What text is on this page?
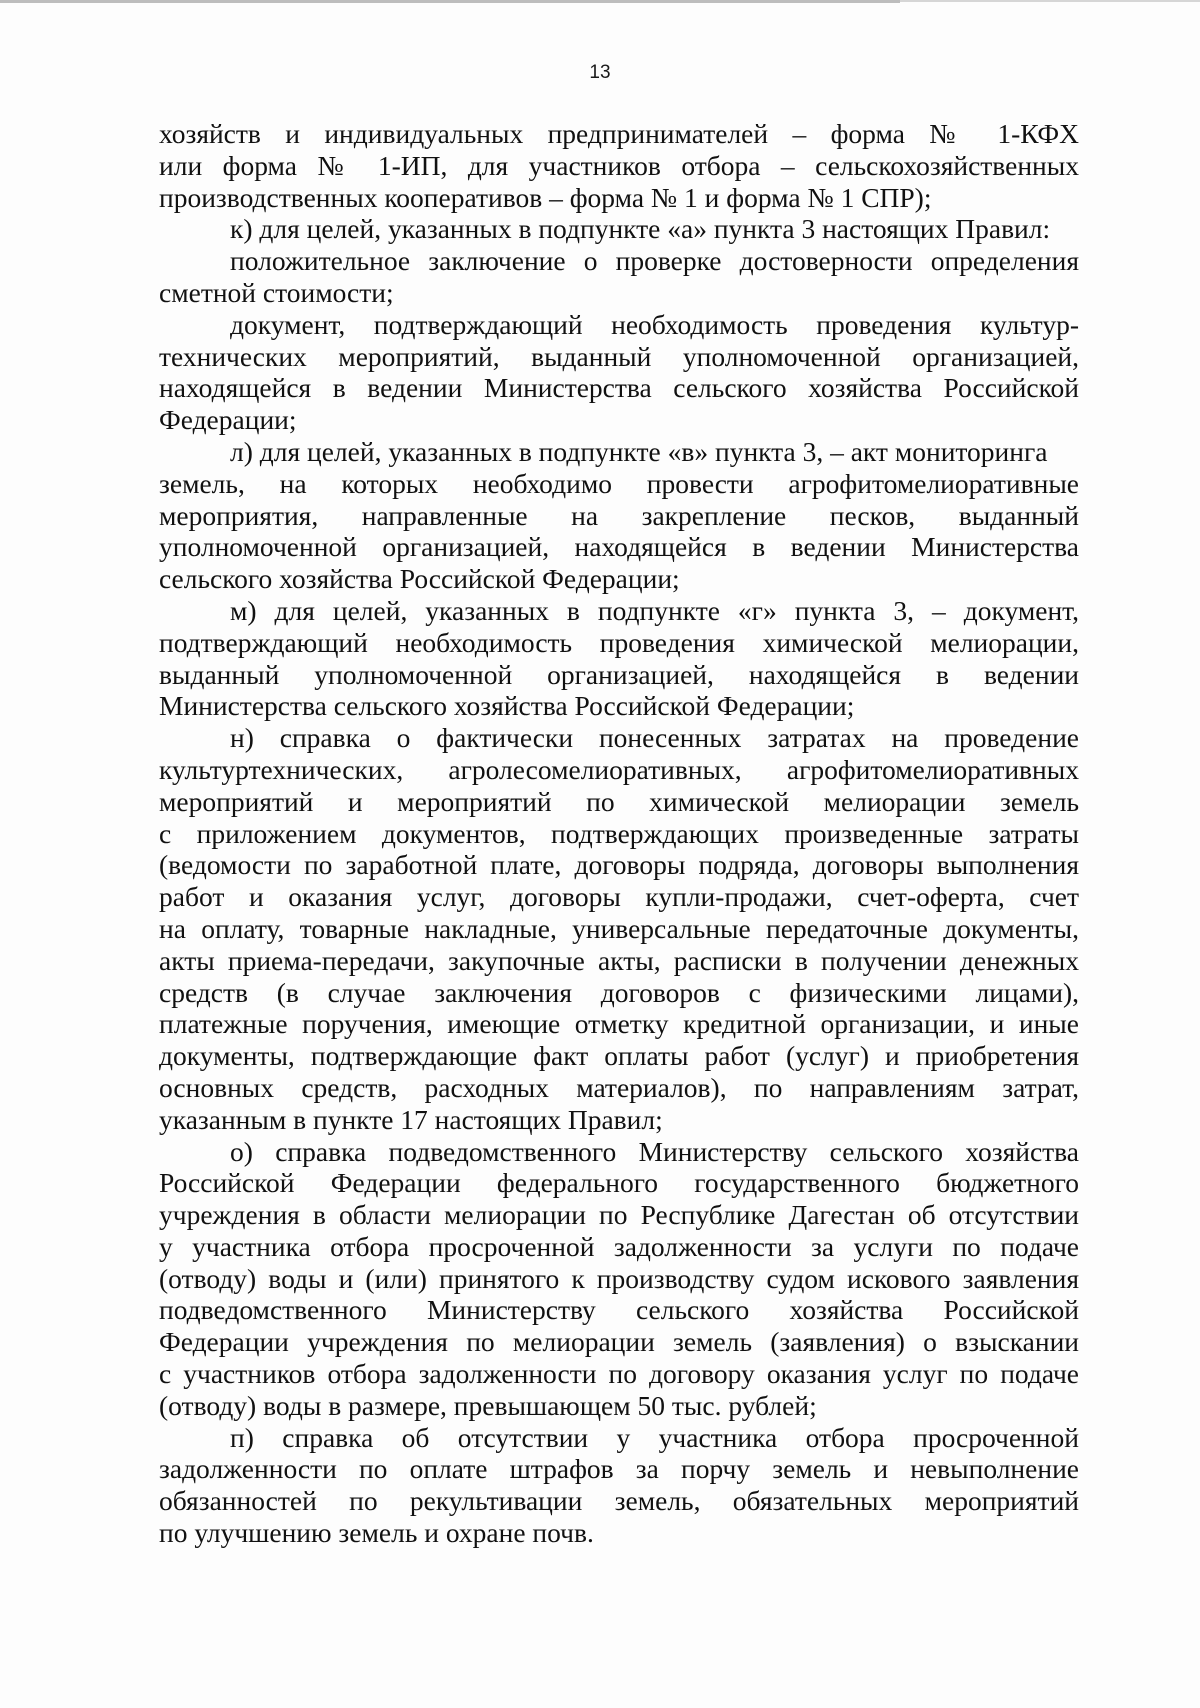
13
хозяйств и индивидуальных предпринимателей – форма № 1-КФХ
или форма № 1-ИП, для участников отбора – сельскохозяйственных
производственных кооперативов – форма № 1 и форма № 1 СПР);
к) для целей, указанных в подпункте «а» пункта 3 настоящих Правил:
положительное заключение о проверке достоверности определения
сметной стоимости;
документ, подтверждающий необходимость проведения культур-
технических мероприятий, выданный уполномоченной организацией,
находящейся в ведении Министерства сельского хозяйства Российской
Федерации;
л) для целей, указанных в подпункте «в» пункта 3, – акт мониторинга
земель, на которых необходимо провести агрофитомелиоративные
мероприятия, направленные на закрепление песков, выданный
уполномоченной организацией, находящейся в ведении Министерства
сельского хозяйства Российской Федерации;
м) для целей, указанных в подпункте «г» пункта 3, – документ,
подтверждающий необходимость проведения химической мелиорации,
выданный уполномоченной организацией, находящейся в ведении
Министерства сельского хозяйства Российской Федерации;
н) справка о фактически понесенных затратах на проведение
культуртехнических, агролесомелиоративных, агрофитомелиоративных
мероприятий и мероприятий по химической мелиорации земель
с приложением документов, подтверждающих произведенные затраты
(ведомости по заработной плате, договоры подряда, договоры выполнения
работ и оказания услуг, договоры купли-продажи, счет-оферта, счет
на оплату, товарные накладные, универсальные передаточные документы,
акты приема-передачи, закупочные акты, расписки в получении денежных
средств (в случае заключения договоров с физическими лицами),
платежные поручения, имеющие отметку кредитной организации, и иные
документы, подтверждающие факт оплаты работ (услуг) и приобретения
основных средств, расходных материалов), по направлениям затрат,
указанным в пункте 17 настоящих Правил;
о) справка подведомственного Министерству сельского хозяйства
Российской Федерации федерального государственного бюджетного
учреждения в области мелиорации по Республике Дагестан об отсутствии
у участника отбора просроченной задолженности за услуги по подаче
(отводу) воды и (или) принятого к производству судом искового заявления
подведомственного Министерству сельского хозяйства Российской
Федерации учреждения по мелиорации земель (заявления) о взыскании
с участников отбора задолженности по договору оказания услуг по подаче
(отводу) воды в размере, превышающем 50 тыс. рублей;
п) справка об отсутствии у участника отбора просроченной
задолженности по оплате штрафов за порчу земель и невыполнение
обязанностей по рекультивации земель, обязательных мероприятий
по улучшению земель и охране почв.
